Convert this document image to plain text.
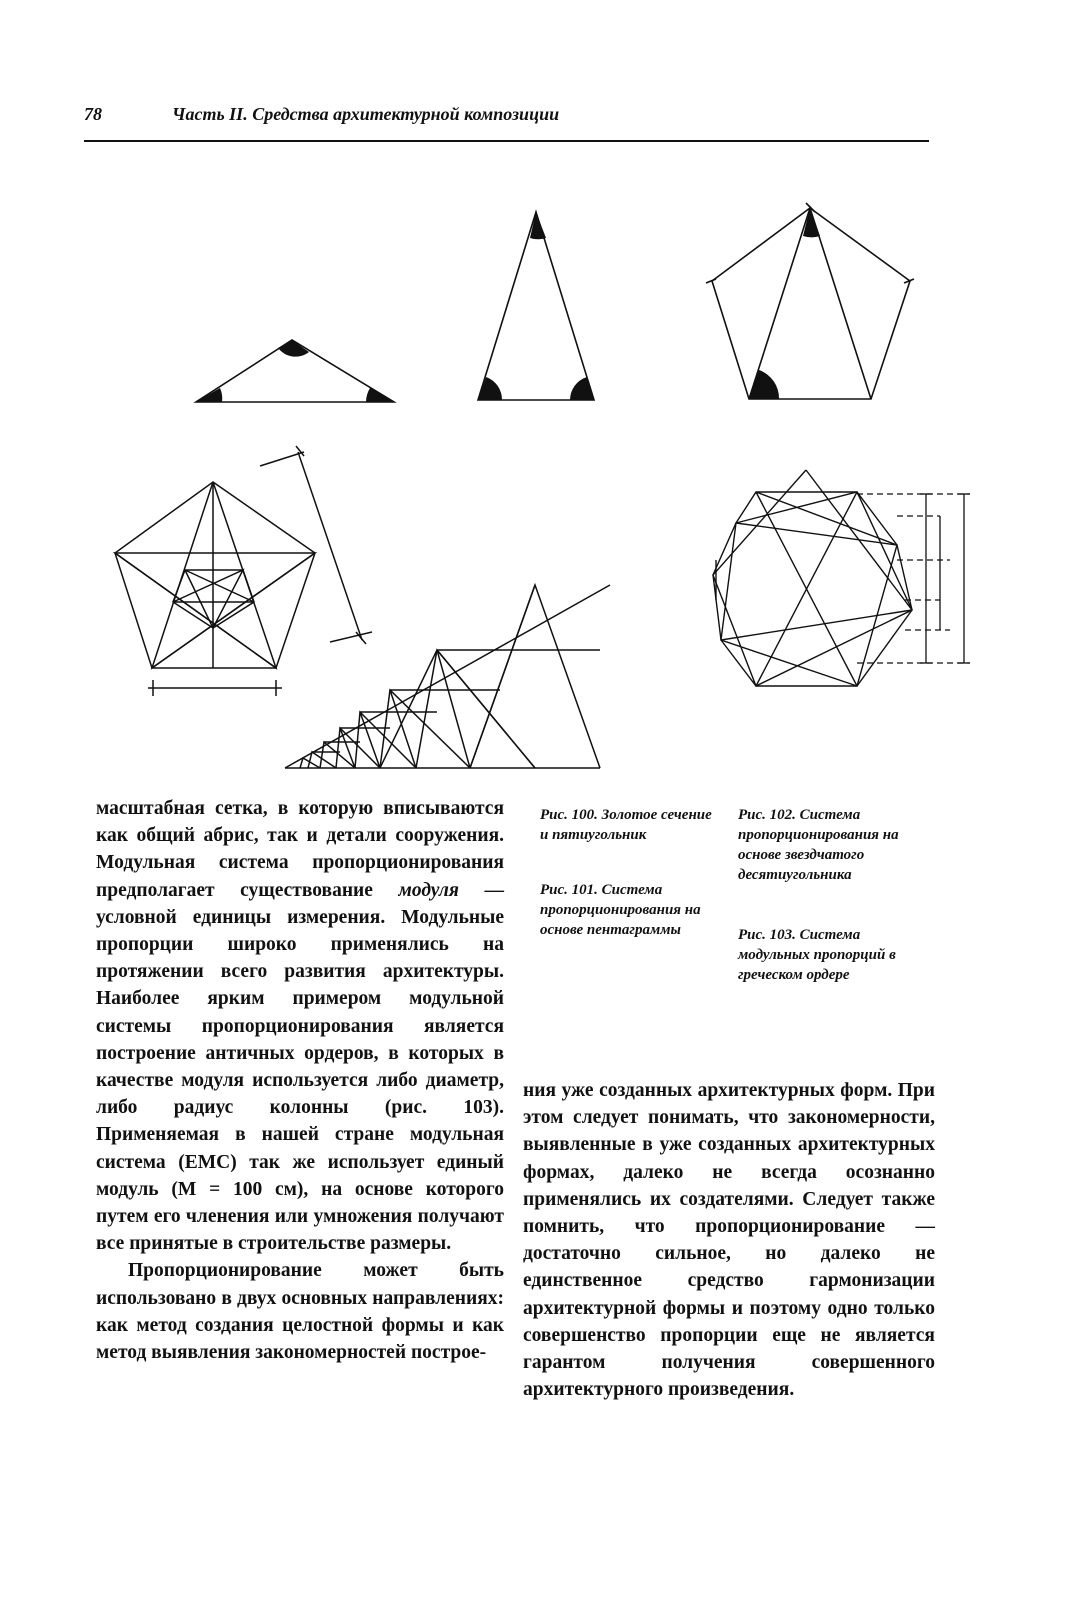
78	Часть II. Средства архитектурной композиции
Рис. 100. Золотое сечение и пятиугольник
Рис. 101. Система пропорционирования на основе пентаграммы
Рис. 102. Система пропорционирования на основе звездчатого десятиугольника
Рис. 103. Система модульных пропорций в греческом ордере

масштабная сетка, в которую вписываются как общий абрис, так и детали сооружения. Модульная система пропорционирования предполагает существование модуля — условной единицы измерения. Модульные пропорции широко применялись на протяжении всего развития архитектуры. Наиболее ярким примером модульной системы пропорционирования является построение античных ордеров, в которых в качестве модуля используется либо диаметр, либо радиус колонны (рис. 103). Применяемая в нашей стране модульная система (ЕМС) так же использует единый модуль (М = 100 см), на основе которого путем его членения или умножения получают все принятые в строительстве размеры.

Пропорционирование может быть использовано в двух основных направлениях: как метод создания целостной формы и как метод выявления закономерностей построе-

ния уже созданных архитектурных форм. При этом следует понимать, что закономерности, выявленные в уже созданных архитектурных формах, далеко не всегда осознанно применялись их создателями. Следует также помнить, что пропорционирование — достаточно сильное, но далеко не единственное средство гармонизации архитектурной формы и поэтому одно только совершенство пропорции еще не является гарантом получения совершенного архитектурного произведения.
